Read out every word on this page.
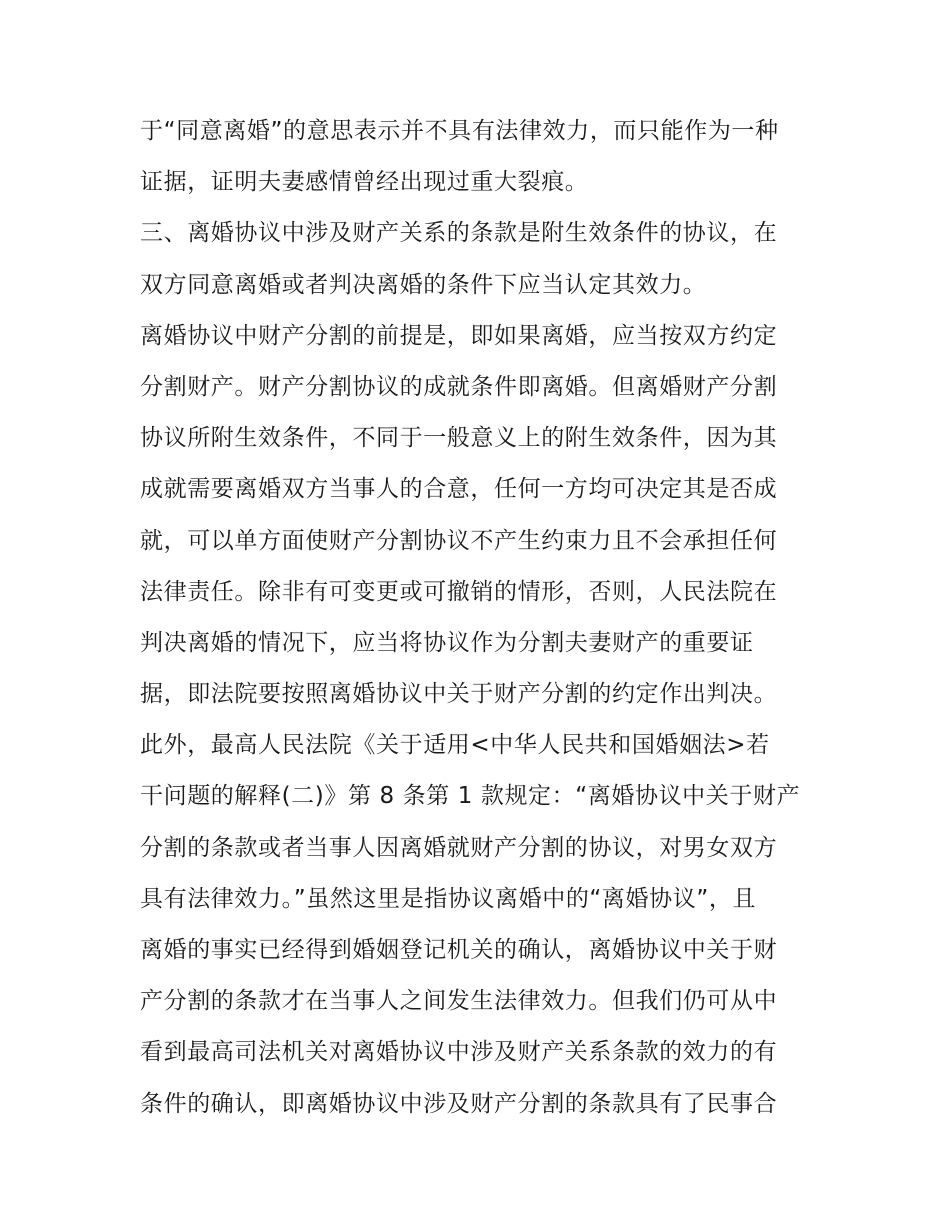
于“同意离婚”的意思表示并不具有法律效力，而只能作为一种
证据，证明夫妻感情曾经出现过重大裂痕。
三、离婚协议中涉及财产关系的条款是附生效条件的协议，在
双方同意离婚或者判决离婚的条件下应当认定其效力。
离婚协议中财产分割的前提是，即如果离婚，应当按双方约定
分割财产。财产分割协议的成就条件即离婚。但离婚财产分割
协议所附生效条件，不同于一般意义上的附生效条件，因为其
成就需要离婚双方当事人的合意，任何一方均可决定其是否成
就，可以单方面使财产分割协议不产生约束力且不会承担任何
法律责任。除非有可变更或可撤销的情形，否则，人民法院在
判决离婚的情况下，应当将协议作为分割夫妻财产的重要证
据，即法院要按照离婚协议中关于财产分割的约定作出判决。
此外，最高人民法院《关于适用<中华人民共和国婚姻法>若
干问题的解释(二)》第 8 条第 1 款规定：“离婚协议中关于财产
分割的条款或者当事人因离婚就财产分割的协议，对男女双方
具有法律效力。”虽然这里是指协议离婚中的“离婚协议”，且
离婚的事实已经得到婚姻登记机关的确认，离婚协议中关于财
产分割的条款才在当事人之间发生法律效力。但我们仍可从中
看到最高司法机关对离婚协议中涉及财产关系条款的效力的有
条件的确认，即离婚协议中涉及财产分割的条款具有了民事合
